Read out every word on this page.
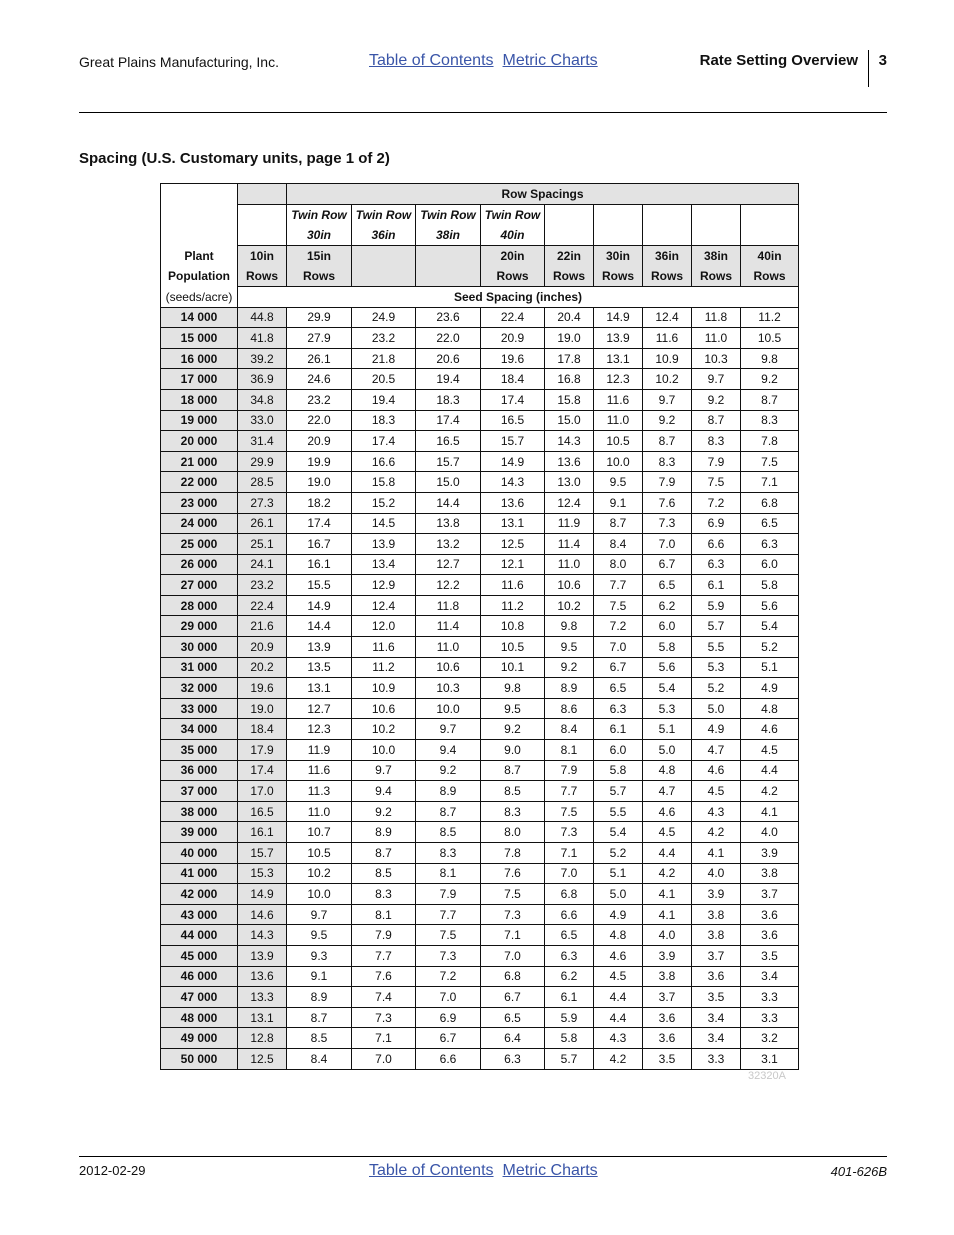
Great Plains Manufacturing, Inc.	Table of Contents Metric Charts	Rate Setting Overview 3
Spacing (U.S. Customary units, page 1 of 2)
		Row Spacings								
		Twin Row	Twin Row	Twin Row	Twin Row					
		30in	36in	38in	40in					
Plant	10in	15in			20in	22in	30in	36in	38in	40in
Population	Rows	Rows			Rows	Rows	Rows	Rows	Rows	Rows
(seeds/acre)	Seed Spacing (inches)									
14 000	44.8	29.9	24.9	23.6	22.4	20.4	14.9	12.4	11.8	11.2
15 000	41.8	27.9	23.2	22.0	20.9	19.0	13.9	11.6	11.0	10.5
16 000	39.2	26.1	21.8	20.6	19.6	17.8	13.1	10.9	10.3	9.8
17 000	36.9	24.6	20.5	19.4	18.4	16.8	12.3	10.2	9.7	9.2
18 000	34.8	23.2	19.4	18.3	17.4	15.8	11.6	9.7	9.2	8.7
19 000	33.0	22.0	18.3	17.4	16.5	15.0	11.0	9.2	8.7	8.3
20 000	31.4	20.9	17.4	16.5	15.7	14.3	10.5	8.7	8.3	7.8
21 000	29.9	19.9	16.6	15.7	14.9	13.6	10.0	8.3	7.9	7.5
22 000	28.5	19.0	15.8	15.0	14.3	13.0	9.5	7.9	7.5	7.1
23 000	27.3	18.2	15.2	14.4	13.6	12.4	9.1	7.6	7.2	6.8
24 000	26.1	17.4	14.5	13.8	13.1	11.9	8.7	7.3	6.9	6.5
25 000	25.1	16.7	13.9	13.2	12.5	11.4	8.4	7.0	6.6	6.3
26 000	24.1	16.1	13.4	12.7	12.1	11.0	8.0	6.7	6.3	6.0
27 000	23.2	15.5	12.9	12.2	11.6	10.6	7.7	6.5	6.1	5.8
28 000	22.4	14.9	12.4	11.8	11.2	10.2	7.5	6.2	5.9	5.6
29 000	21.6	14.4	12.0	11.4	10.8	9.8	7.2	6.0	5.7	5.4
30 000	20.9	13.9	11.6	11.0	10.5	9.5	7.0	5.8	5.5	5.2
31 000	20.2	13.5	11.2	10.6	10.1	9.2	6.7	5.6	5.3	5.1
32 000	19.6	13.1	10.9	10.3	9.8	8.9	6.5	5.4	5.2	4.9
33 000	19.0	12.7	10.6	10.0	9.5	8.6	6.3	5.3	5.0	4.8
34 000	18.4	12.3	10.2	9.7	9.2	8.4	6.1	5.1	4.9	4.6
35 000	17.9	11.9	10.0	9.4	9.0	8.1	6.0	5.0	4.7	4.5
36 000	17.4	11.6	9.7	9.2	8.7	7.9	5.8	4.8	4.6	4.4
37 000	17.0	11.3	9.4	8.9	8.5	7.7	5.7	4.7	4.5	4.2
38 000	16.5	11.0	9.2	8.7	8.3	7.5	5.5	4.6	4.3	4.1
39 000	16.1	10.7	8.9	8.5	8.0	7.3	5.4	4.5	4.2	4.0
40 000	15.7	10.5	8.7	8.3	7.8	7.1	5.2	4.4	4.1	3.9
41 000	15.3	10.2	8.5	8.1	7.6	7.0	5.1	4.2	4.0	3.8
42 000	14.9	10.0	8.3	7.9	7.5	6.8	5.0	4.1	3.9	3.7
43 000	14.6	9.7	8.1	7.7	7.3	6.6	4.9	4.1	3.8	3.6
44 000	14.3	9.5	7.9	7.5	7.1	6.5	4.8	4.0	3.8	3.6
45 000	13.9	9.3	7.7	7.3	7.0	6.3	4.6	3.9	3.7	3.5
46 000	13.6	9.1	7.6	7.2	6.8	6.2	4.5	3.8	3.6	3.4
47 000	13.3	8.9	7.4	7.0	6.7	6.1	4.4	3.7	3.5	3.3
48 000	13.1	8.7	7.3	6.9	6.5	5.9	4.4	3.6	3.4	3.3
49 000	12.8	8.5	7.1	6.7	6.4	5.8	4.3	3.6	3.4	3.2
50 000	12.5	8.4	7.0	6.6	6.3	5.7	4.2	3.5	3.3	3.1
32320A
2012-02-29	Table of Contents Metric Charts	401-626B
